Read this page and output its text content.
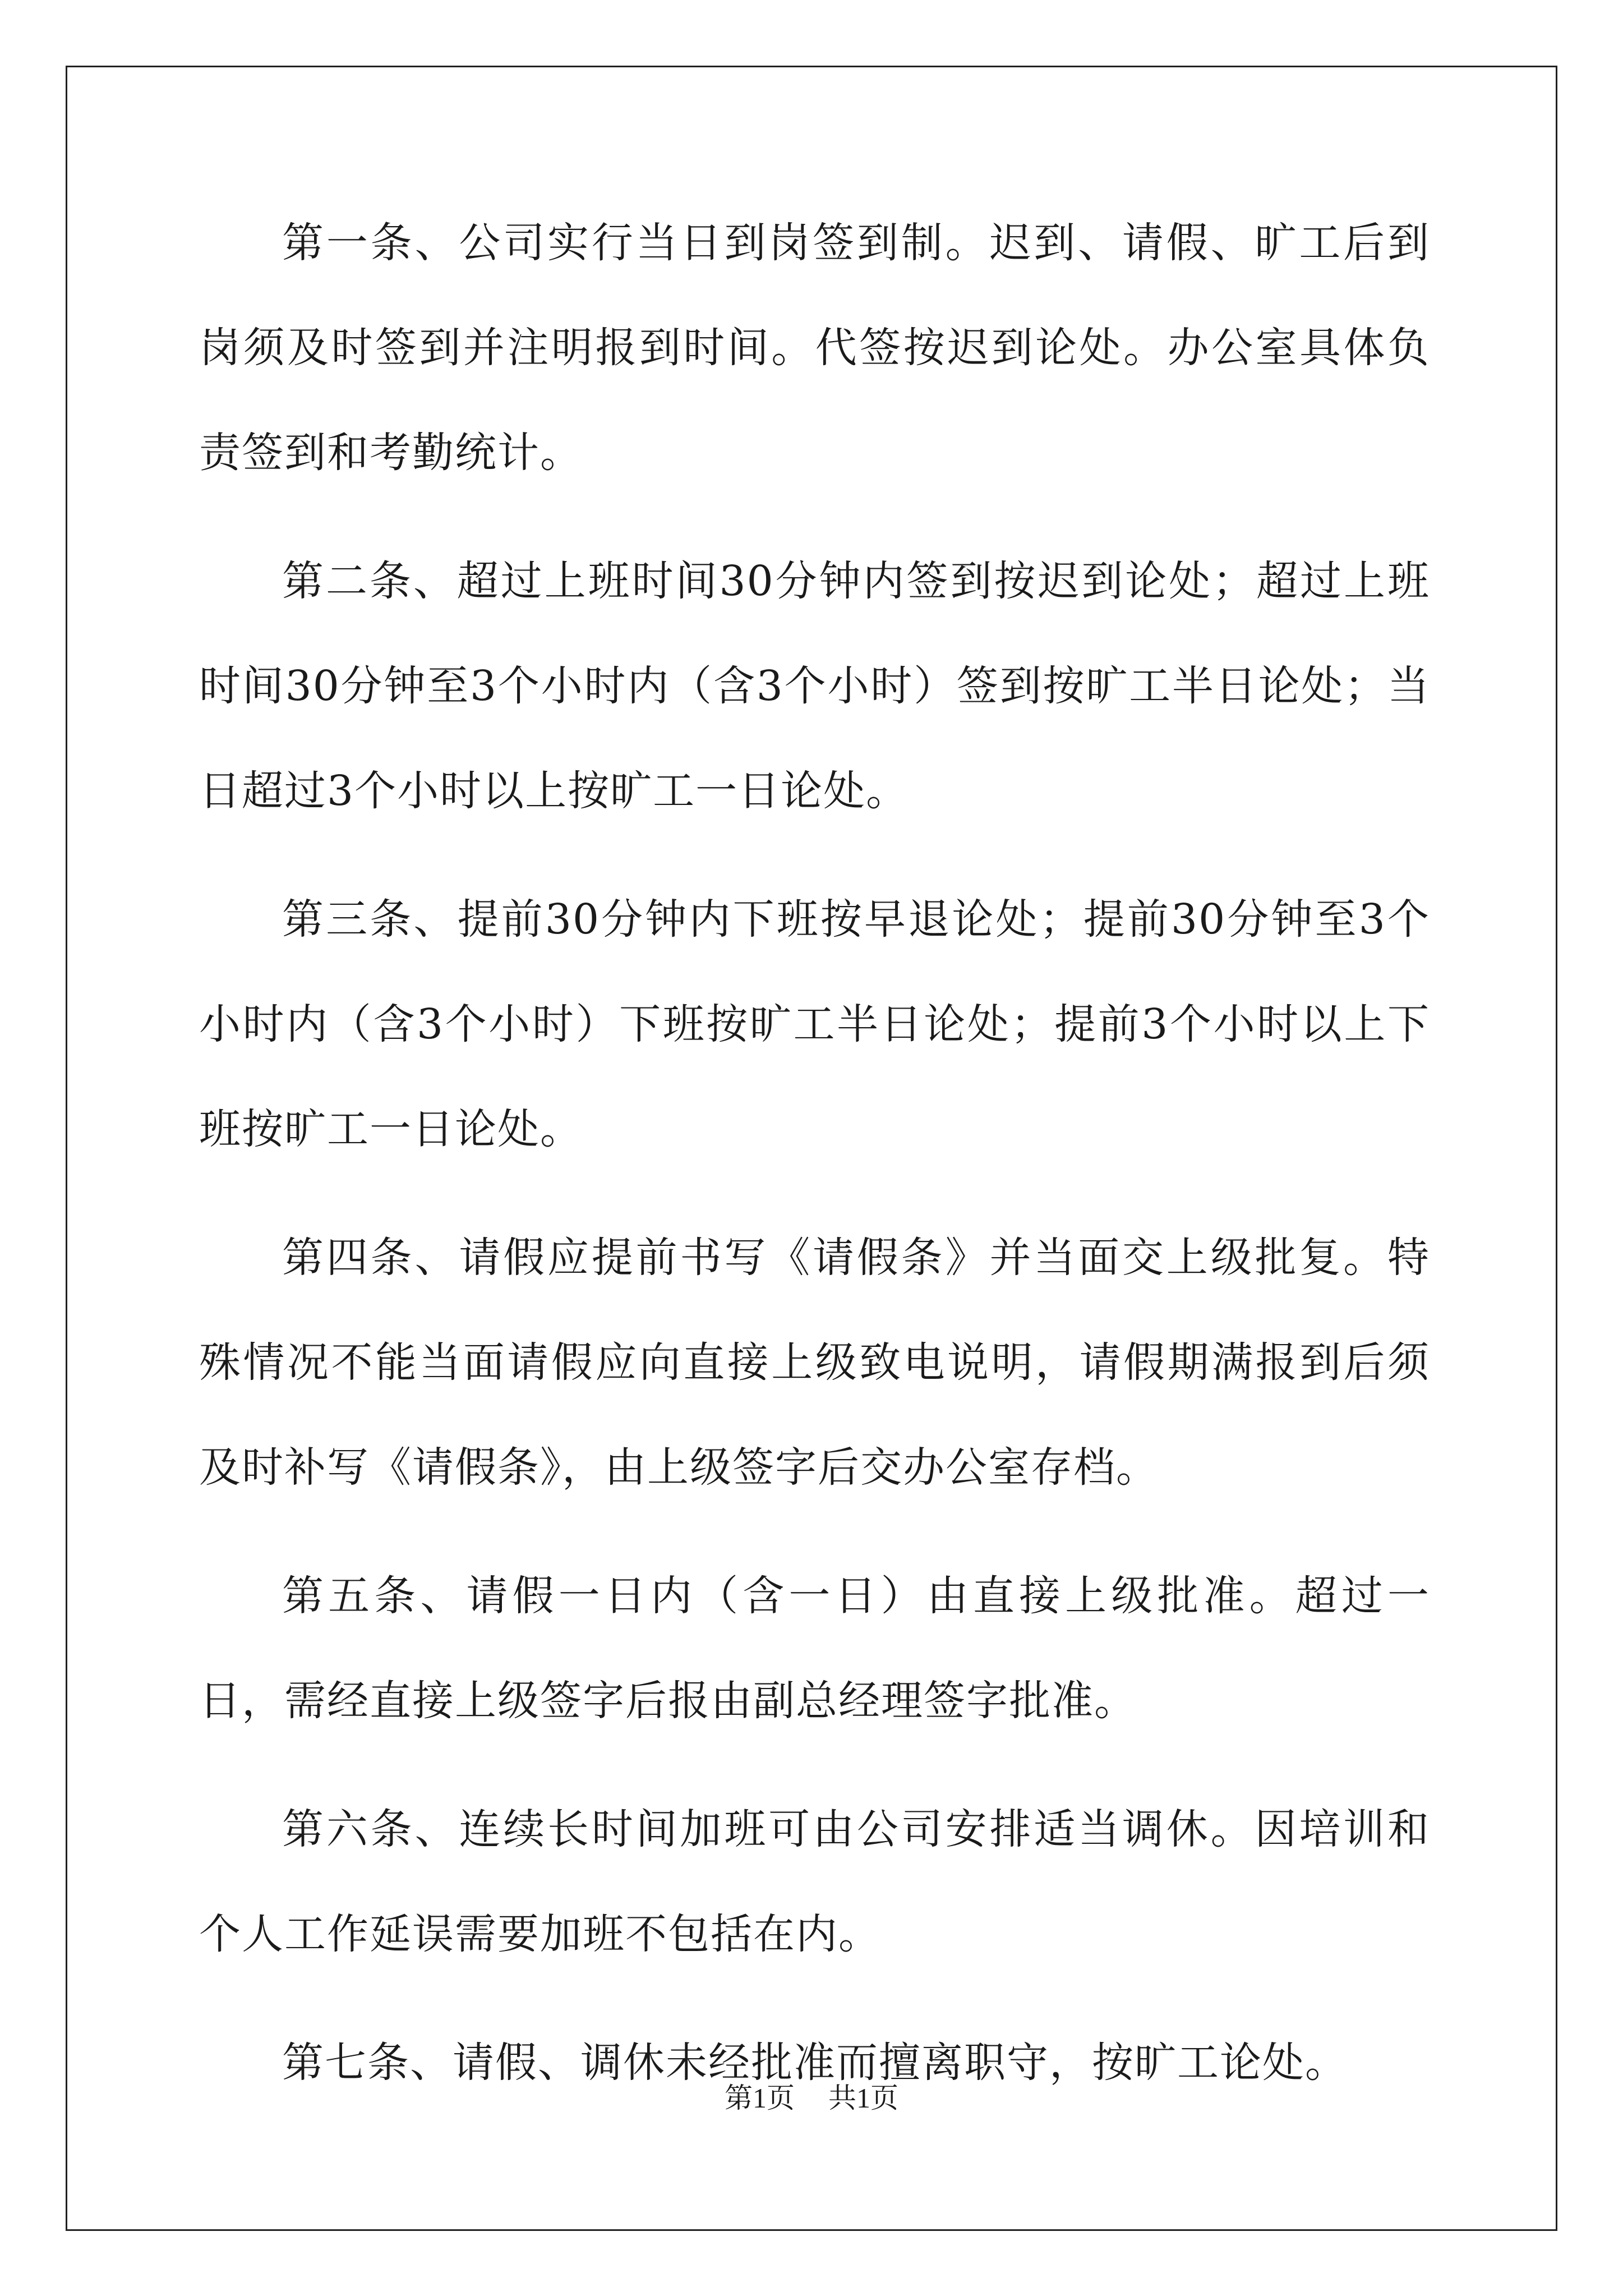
第一条、公司实行当日到岗签到制。迟到、请假、旷工后到岗须及时签到并注明报到时间。代签按迟到论处。办公室具体负责签到和考勤统计。

第二条、超过上班时间30分钟内签到按迟到论处；超过上班时间30分钟至3个小时内（含3个小时）签到按旷工半日论处；当日超过3个小时以上按旷工一日论处。

第三条、提前30分钟内下班按早退论处；提前30分钟至3个小时内（含3个小时）下班按旷工半日论处；提前3个小时以上下班按旷工一日论处。

第四条、请假应提前书写《请假条》并当面交上级批复。特殊情况不能当面请假应向直接上级致电说明，请假期满报到后须及时补写《请假条》，由上级签字后交办公室存档。

第五条、请假一日内（含一日）由直接上级批准。超过一日，需经直接上级签字后报由副总经理签字批准。

第六条、连续长时间加班可由公司安排适当调休。因培训和个人工作延误需要加班不包括在内。

第七条、请假、调休未经批准而擅离职守，按旷工论处。

第1页 共1页
